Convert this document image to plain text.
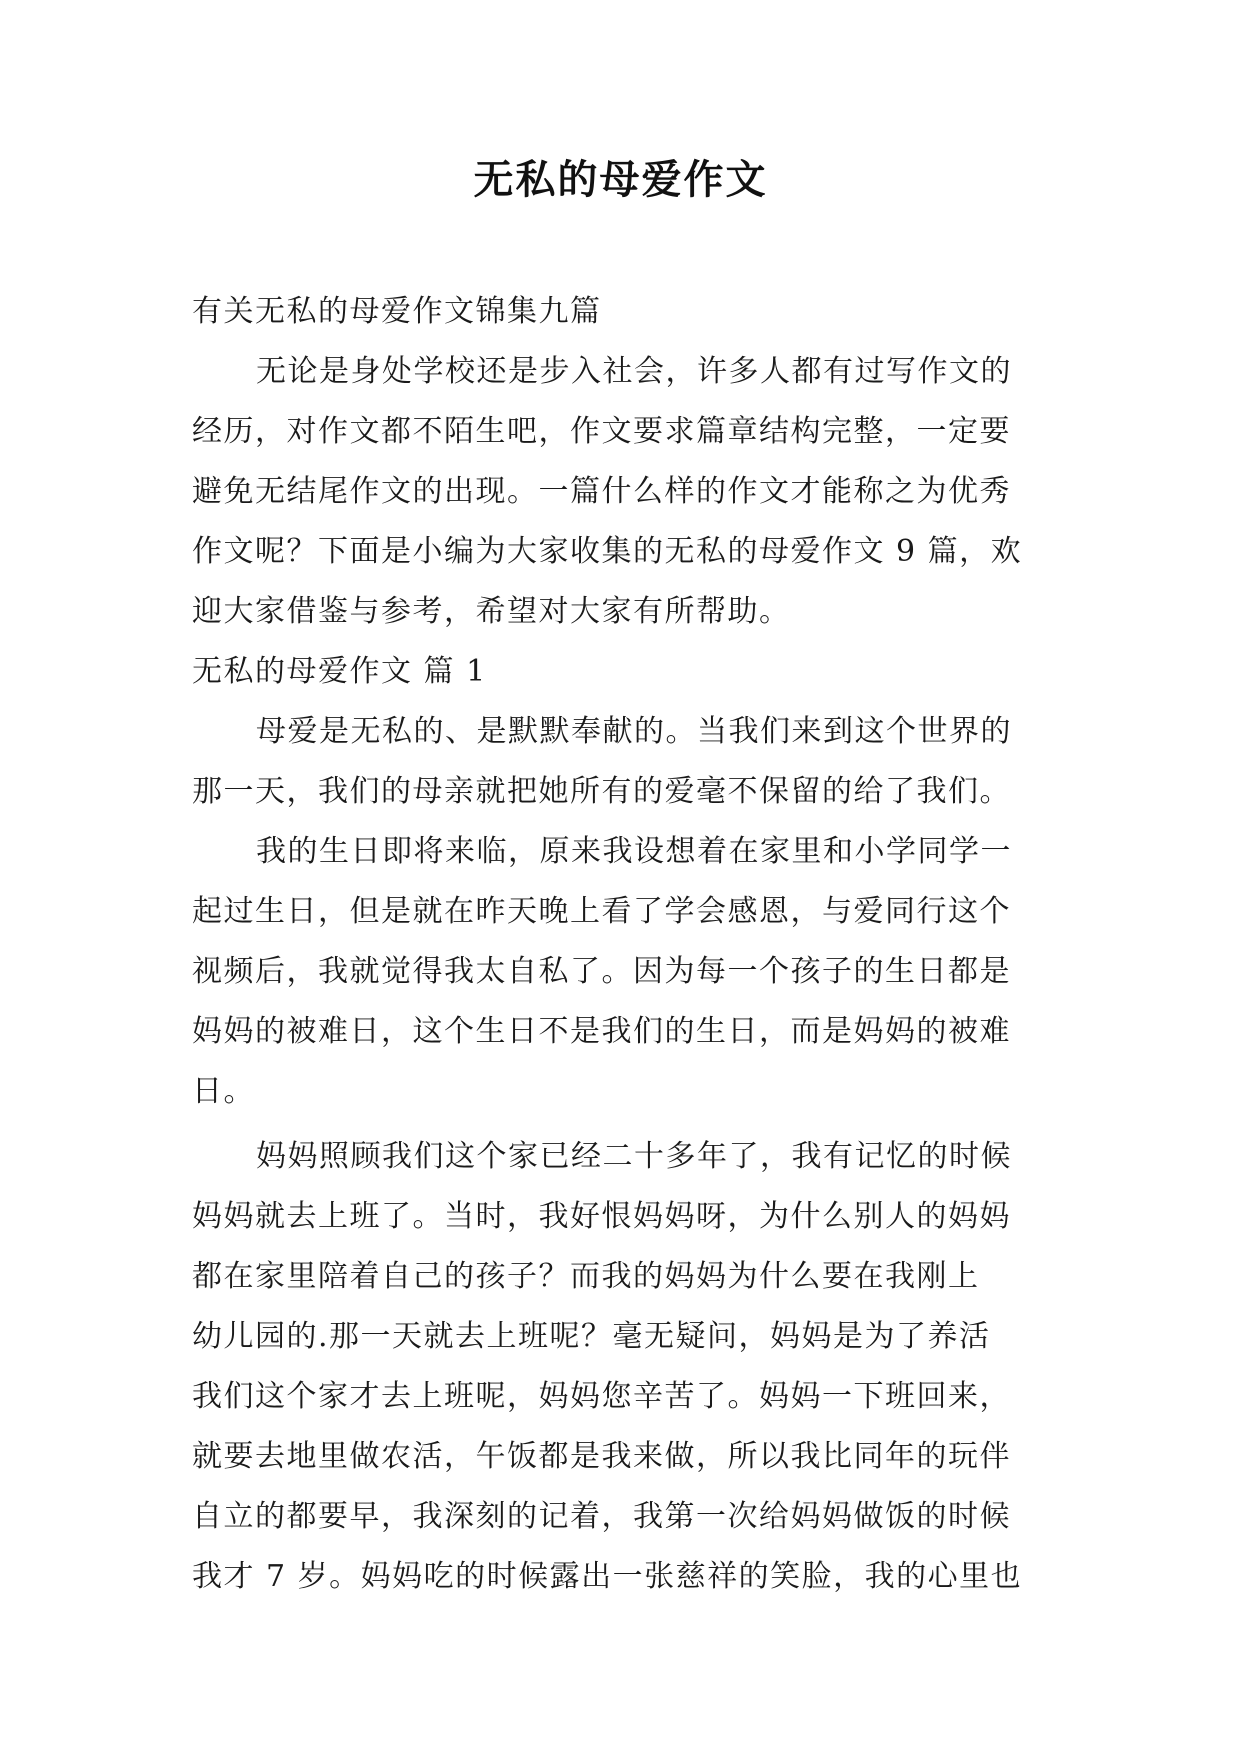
无私的母爱作文
有关无私的母爱作文锦集九篇
无论是身处学校还是步入社会，许多人都有过写作文的
经历，对作文都不陌生吧，作文要求篇章结构完整，一定要
避免无结尾作文的出现。一篇什么样的作文才能称之为优秀
作文呢？下面是小编为大家收集的无私的母爱作文 9 篇，欢
迎大家借鉴与参考，希望对大家有所帮助。
无私的母爱作文 篇 1
母爱是无私的、是默默奉献的。当我们来到这个世界的
那一天，我们的母亲就把她所有的爱毫不保留的给了我们。
我的生日即将来临，原来我设想着在家里和小学同学一
起过生日，但是就在昨天晚上看了学会感恩，与爱同行这个
视频后，我就觉得我太自私了。因为每一个孩子的生日都是
妈妈的被难日，这个生日不是我们的生日，而是妈妈的被难
日。
妈妈照顾我们这个家已经二十多年了，我有记忆的时候
妈妈就去上班了。当时，我好恨妈妈呀，为什么别人的妈妈
都在家里陪着自己的孩子？而我的妈妈为什么要在我刚上
幼儿园的.那一天就去上班呢？毫无疑问，妈妈是为了养活
我们这个家才去上班呢，妈妈您辛苦了。妈妈一下班回来，
就要去地里做农活，午饭都是我来做，所以我比同年的玩伴
自立的都要早，我深刻的记着，我第一次给妈妈做饭的时候
我才 7 岁。妈妈吃的时候露出一张慈祥的笑脸，我的心里也
